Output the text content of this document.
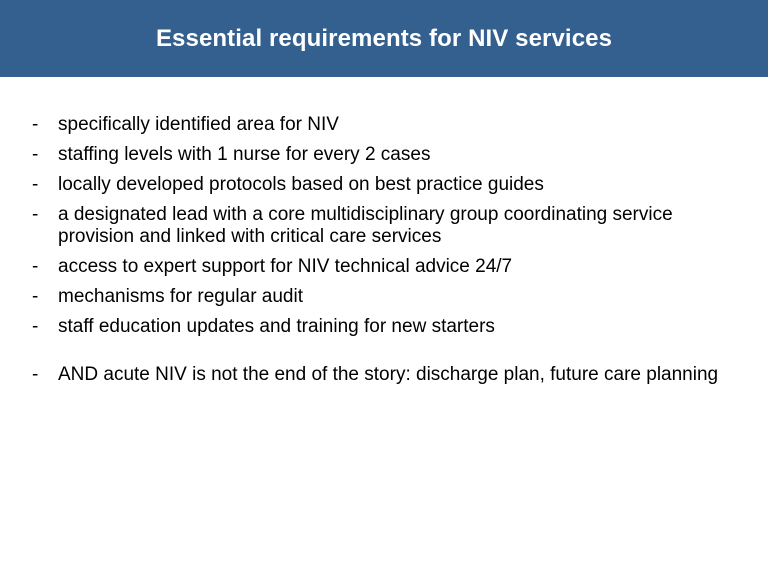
Essential requirements for NIV services
-	specifically identified area for NIV
-	staffing levels with 1 nurse for every 2 cases
-	locally developed protocols based on best practice guides
-	a designated lead with a core multidisciplinary group coordinating service provision and linked with critical care services
-	access to expert support for NIV technical advice 24/7
-	mechanisms for regular audit
-	staff education updates and training for new starters
-	AND acute NIV is not the end of the story: discharge plan, future care planning
